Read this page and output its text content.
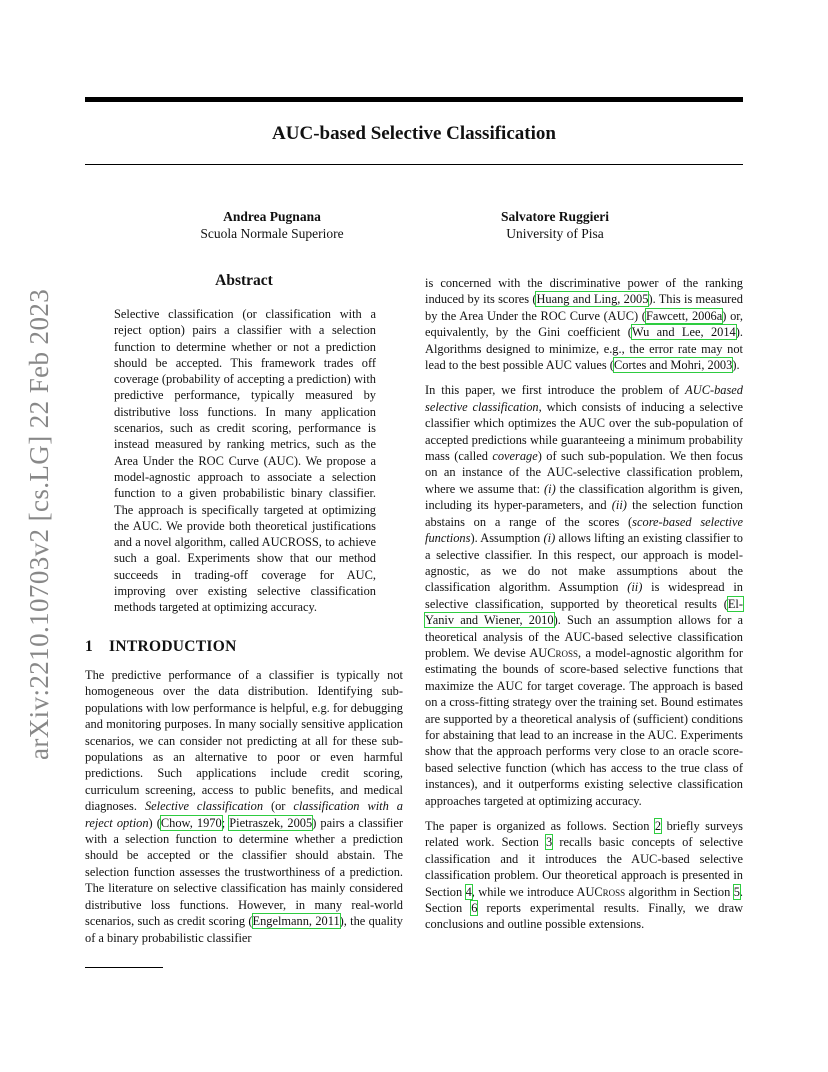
AUC-based Selective Classification
Andrea Pugnana
Scuola Normale Superiore
Salvatore Ruggieri
University of Pisa
arXiv:2210.10703v2 [cs.LG] 22 Feb 2023
Abstract

Selective classification (or classification with a reject option) pairs a classifier with a selection function to determine whether or not a prediction should be accepted. This framework trades off coverage (probability of accepting a prediction) with predictive performance, typically measured by distributive loss functions. In many application scenarios, such as credit scoring, performance is instead measured by ranking metrics, such as the Area Under the ROC Curve (AUC). We propose a model-agnostic approach to associate a selection function to a given probabilistic binary classifier. The approach is specifically targeted at optimizing the AUC. We provide both theoretical justifications and a novel algorithm, called AUCROSS, to achieve such a goal. Experiments show that our method succeeds in trading-off coverage for AUC, improving over existing selective classification methods targeted at optimizing accuracy.

1 INTRODUCTION

The predictive performance of a classifier is typically not homogeneous over the data distribution. Identifying sub-populations with low performance is helpful, e.g. for debugging and monitoring purposes. In many socially sensitive application scenarios, we can consider not predicting at all for these sub-populations as an alternative to poor or even harmful predictions. Such applications include credit scoring, curriculum screening, access to public benefits, and medical diagnoses. Selective classification (or classification with a reject option) (Chow, 1970; Pietraszek, 2005) pairs a classifier with a selection function to determine whether a prediction should be accepted or the classifier should abstain. The selection function assesses the trustworthiness of a prediction. The literature on selective classification has mainly considered distributive loss functions. However, in many real-world scenarios, such as credit scoring (Engelmann, 2011), the quality of a binary probabilistic classifier

is concerned with the discriminative power of the ranking induced by its scores (Huang and Ling, 2005). This is measured by the Area Under the ROC Curve (AUC) (Fawcett, 2006a) or, equivalently, by the Gini coefficient (Wu and Lee, 2014). Algorithms designed to minimize, e.g., the error rate may not lead to the best possible AUC values (Cortes and Mohri, 2003).

In this paper, we first introduce the problem of AUC-based selective classification, which consists of inducing a selective classifier which optimizes the AUC over the sub-population of accepted predictions while guaranteeing a minimum probability mass (called coverage) of such sub-population. We then focus on an instance of the AUC-selective classification problem, where we assume that: (i) the classification algorithm is given, including its hyper-parameters, and (ii) the selection function abstains on a range of the scores (score-based selective functions). Assumption (i) allows lifting an existing classifier to a selective classifier. In this respect, our approach is model-agnostic, as we do not make assumptions about the classification algorithm. Assumption (ii) is widespread in selective classification, supported by theoretical results (El-Yaniv and Wiener, 2010). Such an assumption allows for a theoretical analysis of the AUC-based selective classification problem. We devise AUCross, a model-agnostic algorithm for estimating the bounds of score-based selective functions that maximize the AUC for target coverage. The approach is based on a cross-fitting strategy over the training set. Bound estimates are supported by a theoretical analysis of (sufficient) conditions for abstaining that lead to an increase in the AUC. Experiments show that the approach performs very close to an oracle score-based selective function (which has access to the true class of instances), and it outperforms existing selective classification approaches targeted at optimizing accuracy.

The paper is organized as follows. Section 2 briefly surveys related work. Section 3 recalls basic concepts of selective classification and it introduces the AUC-based selective classification problem. Our theoretical approach is presented in Section 4, while we introduce AUCross algorithm in Section 5. Section 6 reports experimental results. Finally, we draw conclusions and outline possible extensions.
